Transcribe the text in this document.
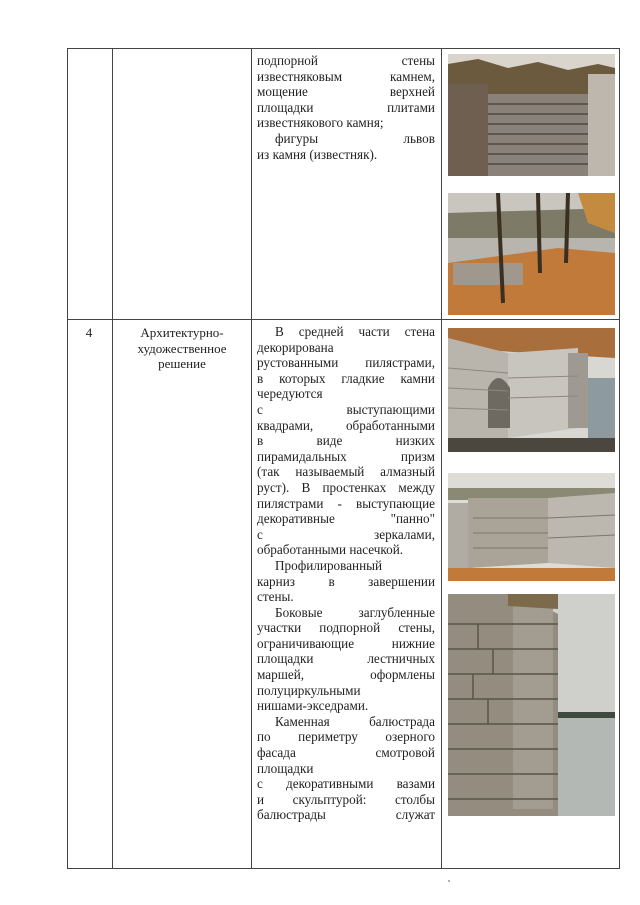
подпорной стены
известняковым камнем,
мощение верхней
площадки плитами
известнякового камня;
фигуры львов
из камня (известняк).
4	Архитектурно-художественное решение
В средней части стена
декорирована
рустованными пилястрами,
в которых гладкие камни
чередуются
с выступающими
квадрами, обработанными
в виде низких
пирамидальных призм
(так называемый алмазный
руст). В простенках между
пилястрами - выступающие
декоративные "панно"
с зеркалами,
обработанными насечкой.
Профилированный
карниз в завершении
стены.
Боковые заглубленные
участки подпорной стены,
ограничивающие нижние
площадки лестничных
маршей, оформлены
полуциркульными
нишами-экседрами.
Каменная балюстрада
по периметру озерного
фасада смотровой
площадки
с декоративными вазами
и скульптурой: столбы
балюстрады служат
